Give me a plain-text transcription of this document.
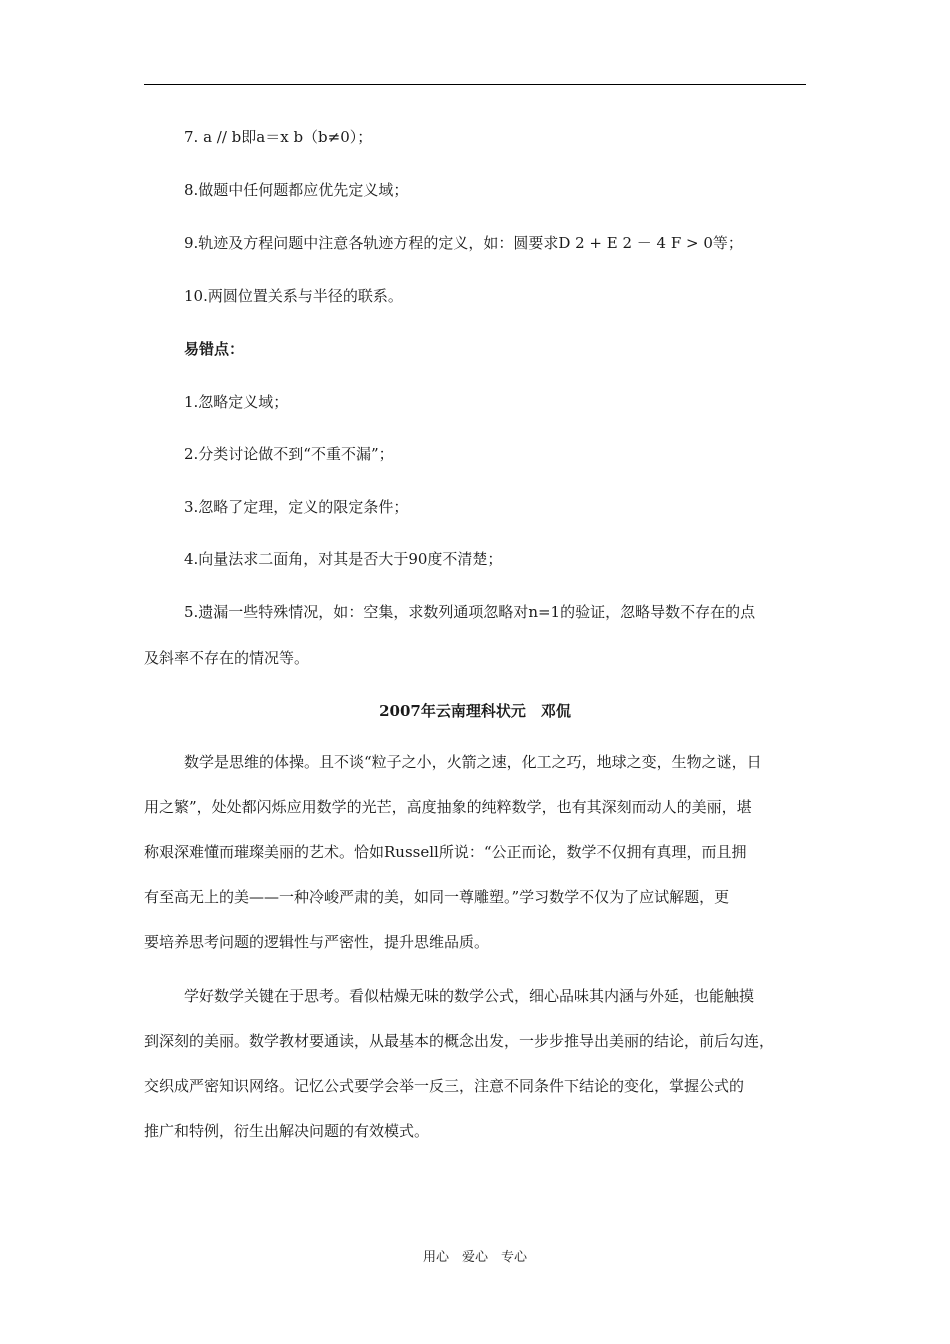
7. a // b即a＝x b（b≠0）；
8.做题中任何题都应优先定义域；
9.轨迹及方程问题中注意各轨迹方程的定义，如：圆要求D 2 + E 2 － 4 F > 0等；
10.两圆位置关系与半径的联系。
易错点：
1.忽略定义域；
2.分类讨论做不到“不重不漏”；
3.忽略了定理，定义的限定条件；
4.向量法求二面角，对其是否大于90度不清楚；
5.遗漏一些特殊情况，如：空集，求数列通项忽略对n=1的验证，忽略导数不存在的点
及斜率不存在的情况等。
2007年云南理科状元　邓侃
数学是思维的体操。且不谈“粒子之小，火箭之速，化工之巧，地球之变，生物之谜，日
用之繁”，处处都闪烁应用数学的光芒，高度抽象的纯粹数学，也有其深刻而动人的美丽，堪
称艰深难懂而璀璨美丽的艺术。恰如Russell所说：“公正而论，数学不仅拥有真理，而且拥
有至高无上的美——一种冷峻严肃的美，如同一尊雕塑。”学习数学不仅为了应试解题，更
要培养思考问题的逻辑性与严密性，提升思维品质。
学好数学关键在于思考。看似枯燥无味的数学公式，细心品味其内涵与外延，也能触摸
到深刻的美丽。数学教材要通读，从最基本的概念出发，一步步推导出美丽的结论，前后勾连，
交织成严密知识网络。记忆公式要学会举一反三，注意不同条件下结论的变化，掌握公式的
推广和特例，衍生出解决问题的有效模式。
用心　爱心　专心
